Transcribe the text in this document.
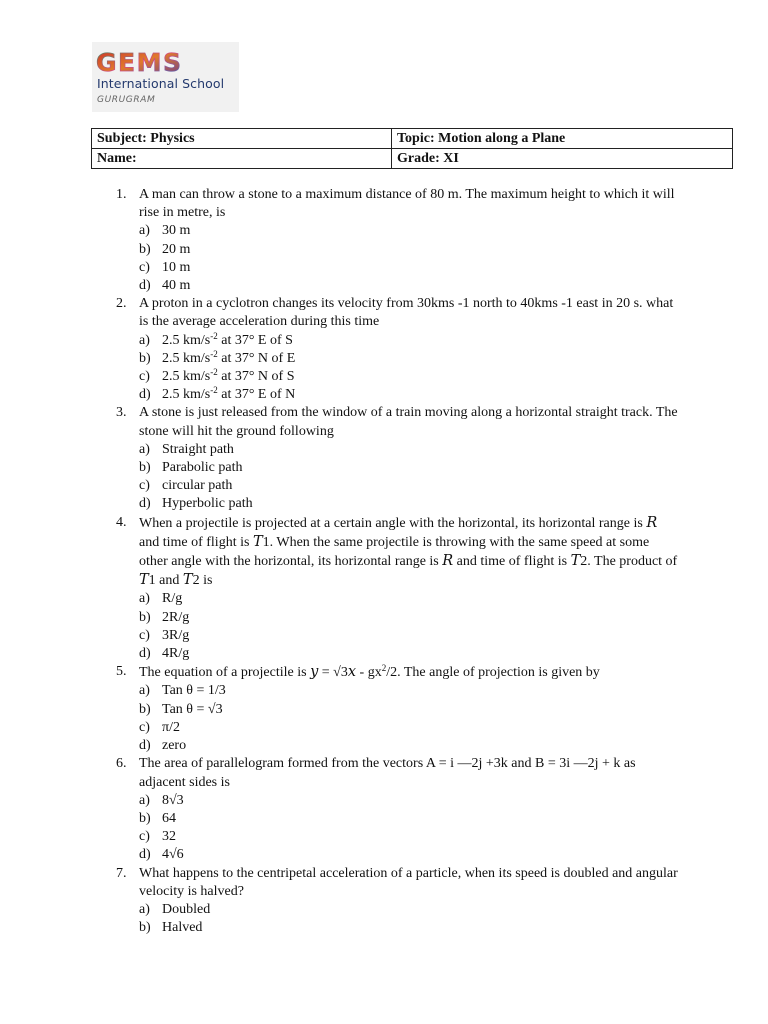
GEMS
International School
GURUGRAM
Subject: Physics	Topic: Motion along a Plane
Name:	Grade: XI
1. A man can throw a stone to a maximum distance of 80 m. The maximum height to which it will rise in metre, is
a) 30 m
b) 20 m
c) 10 m
d) 40 m
2. A proton in a cyclotron changes its velocity from 30kms -1 north to 40kms -1 east in 20 s. what is the average acceleration during this time
a) 2.5 $km/s^{-2}$ at 37° E of S
b) 2.5 $km/s^{-2}$ at 37° N of E
c) 2.5 $km/s^{-2}$ at 37° N of S
d) 2.5 $km/s^{-2}$ at 37° E of N
3. A stone is just released from the window of a train moving along a horizontal straight track. The stone will hit the ground following
a) Straight path
b) Parabolic path
c) circular path
d) Hyperbolic path
4. When a projectile is projected at a certain angle with the horizontal, its horizontal range is R and time of flight is T1. When the same projectile is throwing with the same speed at some other angle with the horizontal, its horizontal range is R and time of flight is T2. The product of T1 and T2 is
a) R/g
b) 2R/g
c) 3R/g
d) 4R/g
5. The equation of a projectile is $y = √3x - gx^2/2$. The angle of projection is given by
a) Tan θ = 1/3
b) Tan θ = √3
c) π/2
d) zero
6. The area of parallelogram formed from the vectors A = i —2j +3k and B = 3i —2j + k as adjacent sides is
a) 8√3
b) 64
c) 32
d) 4√6
7. What happens to the centripetal acceleration of a particle, when its speed is doubled and angular velocity is halved?
a) Doubled
b) Halved
